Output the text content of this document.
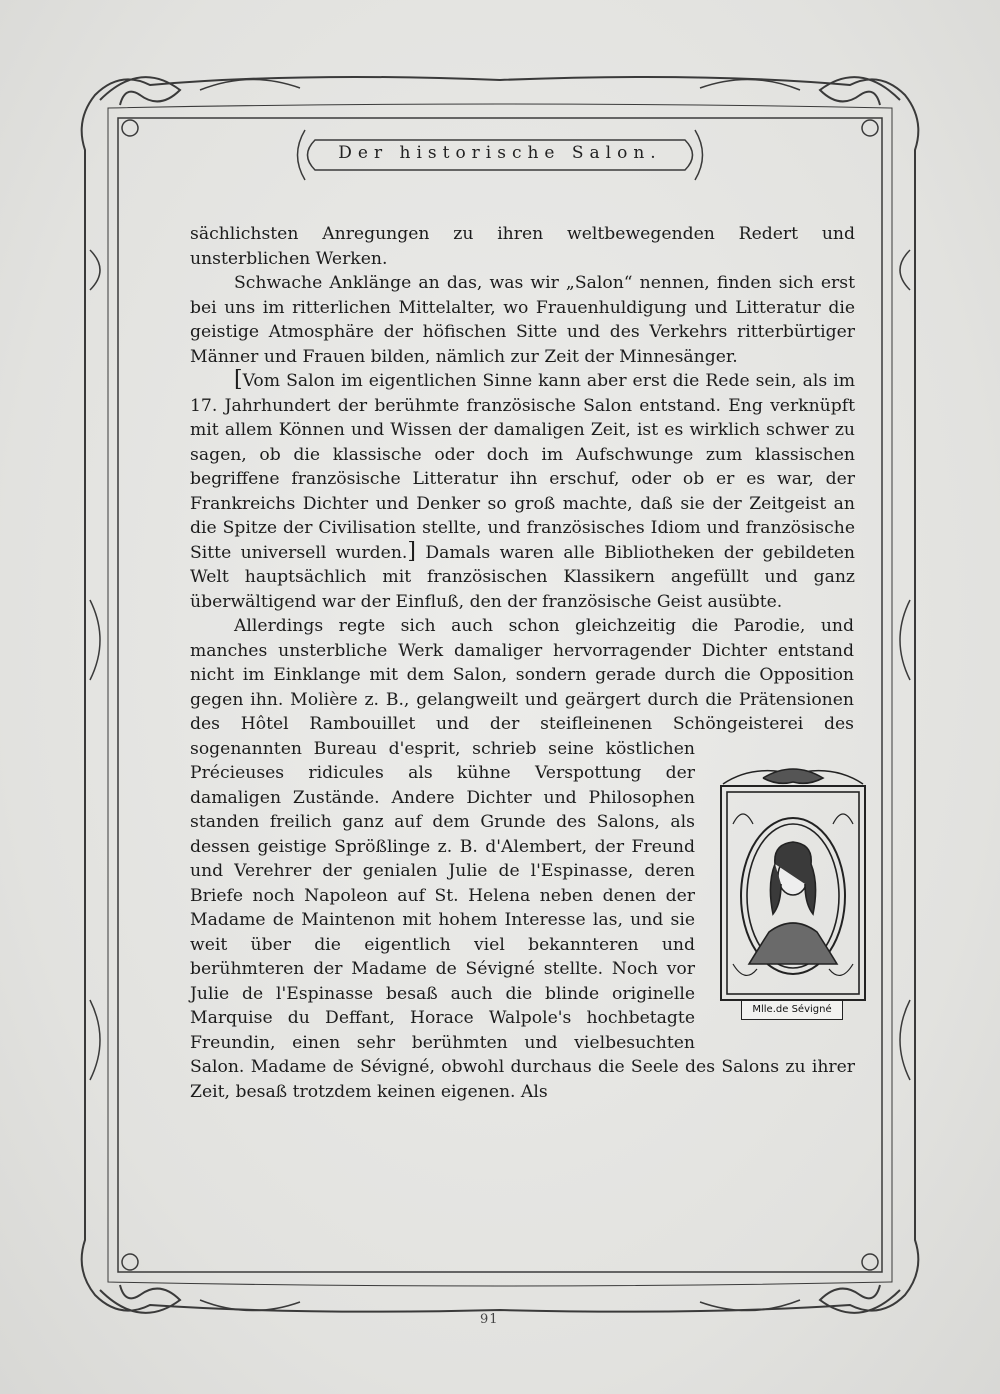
Der historische Salon.

sächlichsten Anregungen zu ihren weltbewegenden Redert und unsterblichen Werken.

Schwache Anklänge an das, was wir „Salon“ nennen, finden sich erst bei uns im ritterlichen Mittelalter, wo Frauenhuldigung und Litteratur die geistige Atmosphäre der höfischen Sitte und des Verkehrs ritterbürtiger Männer und Frauen bilden, nämlich zur Zeit der Minnesänger.

[Vom Salon im eigentlichen Sinne kann aber erst die Rede sein, als im 17. Jahrhundert der berühmte französische Salon entstand. Eng verknüpft mit allem Können und Wissen der damaligen Zeit, ist es wirklich schwer zu sagen, ob die klassische oder doch im Aufschwunge zum klassischen begriffene französische Litteratur ihn erschuf, oder ob er es war, der Frankreichs Dichter und Denker so groß machte, daß sie der Zeitgeist an die Spitze der Civilisation stellte, und französisches Idiom und französische Sitte universell wurden.] Damals waren alle Bibliotheken der gebildeten Welt hauptsächlich mit französischen Klassikern angefüllt und ganz überwältigend war der Einfluß, den der französische Geist ausübte.

Mlle.de Sévigné

Allerdings regte sich auch schon gleichzeitig die Parodie, und manches unsterbliche Werk damaliger hervorragender Dichter entstand nicht im Einklange mit dem Salon, sondern gerade durch die Opposition gegen ihn. Molière z. B., gelangweilt und geärgert durch die Prätensionen des Hôtel Rambouillet und der steifleinenen Schöngeisterei des sogenannten Bureau d'esprit, schrieb seine köstlichen Précieuses ridicules als kühne Verspottung der damaligen Zustände. Andere Dichter und Philosophen standen freilich ganz auf dem Grunde des Salons, als dessen geistige Sprößlinge z. B. d'Alembert, der Freund und Verehrer der genialen Julie de l'Espinasse, deren Briefe noch Napoleon auf St. Helena neben denen der Madame de Maintenon mit hohem Interesse las, und sie weit über die eigentlich viel bekannteren und berühmteren der Madame de Sévigné stellte. Noch vor Julie de l'Espinasse besaß auch die blinde originelle Marquise du Deffant, Horace Walpole's hochbetagte Freundin, einen sehr berühmten und vielbesuchten Salon. Madame de Sévigné, obwohl durchaus die Seele des Salons zu ihrer Zeit, besaß trotzdem keinen eigenen. Als

91
